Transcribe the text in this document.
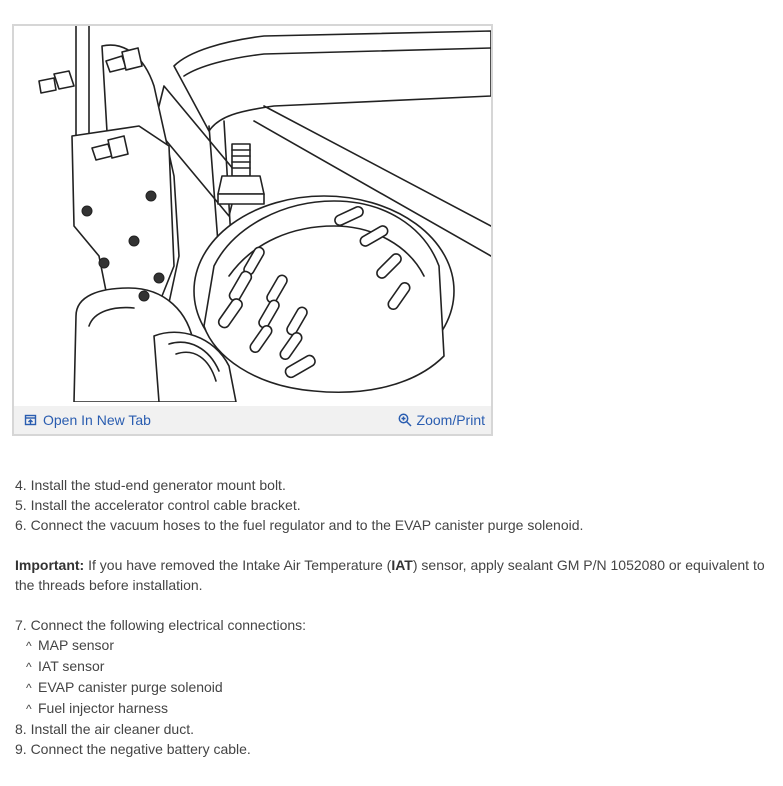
Open In New Tab	Zoom/Print
4. Install the stud-end generator mount bolt.
5. Install the accelerator control cable bracket.
6. Connect the vacuum hoses to the fuel regulator and to the EVAP canister purge solenoid.
Important: If you have removed the Intake Air Temperature (IAT) sensor, apply sealant GM P/N 1052080 or equivalent to the threads before installation.
7. Connect the following electrical connections:
^ MAP sensor
^ IAT sensor
^ EVAP canister purge solenoid
^ Fuel injector harness
8. Install the air cleaner duct.
9. Connect the negative battery cable.
